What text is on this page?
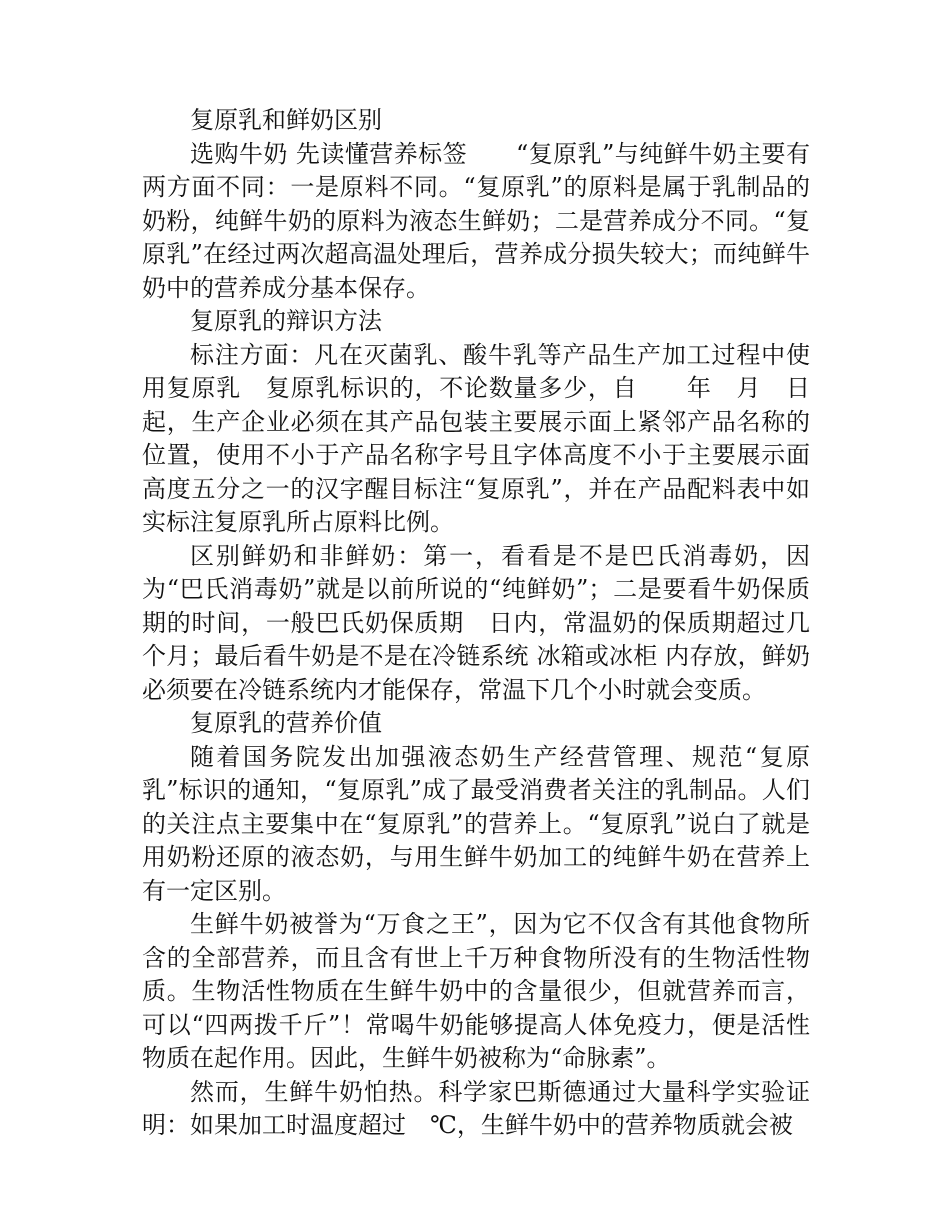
复原乳和鲜奶区别

选购牛奶 先读懂营养标签　　“复原乳”与纯鲜牛奶主要有两方面不同：一是原料不同。“复原乳”的原料是属于乳制品的奶粉，纯鲜牛奶的原料为液态生鲜奶；二是营养成分不同。“复原乳”在经过两次超高温处理后，营养成分损失较大；而纯鲜牛奶中的营养成分基本保存。

复原乳的辩识方法

标注方面：凡在灭菌乳、酸牛乳等产品生产加工过程中使用复原乳　复原乳标识的，不论数量多少，自　　年　月　日起，生产企业必须在其产品包装主要展示面上紧邻产品名称的位置，使用不小于产品名称字号且字体高度不小于主要展示面高度五分之一的汉字醒目标注“复原乳”，并在产品配料表中如实标注复原乳所占原料比例。

区别鲜奶和非鲜奶：第一，看看是不是巴氏消毒奶，因为“巴氏消毒奶”就是以前所说的“纯鲜奶”；二是要看牛奶保质期的时间，一般巴氏奶保质期　日内，常温奶的保质期超过几个月；最后看牛奶是不是在冷链系统 冰箱或冰柜 内存放，鲜奶必须要在冷链系统内才能保存，常温下几个小时就会变质。

复原乳的营养价值

随着国务院发出加强液态奶生产经营管理、规范“复原乳”标识的通知，“复原乳”成了最受消费者关注的乳制品。人们的关注点主要集中在“复原乳”的营养上。“复原乳”说白了就是用奶粉还原的液态奶，与用生鲜牛奶加工的纯鲜牛奶在营养上有一定区别。

生鲜牛奶被誉为“万食之王”，因为它不仅含有其他食物所含的全部营养，而且含有世上千万种食物所没有的生物活性物质。生物活性物质在生鲜牛奶中的含量很少，但就营养而言，可以“四两拨千斤”！常喝牛奶能够提高人体免疫力，便是活性物质在起作用。因此，生鲜牛奶被称为“命脉素”。

然而，生鲜牛奶怕热。科学家巴斯德通过大量科学实验证明：如果加工时温度超过　℃，生鲜牛奶中的营养物质就会被
